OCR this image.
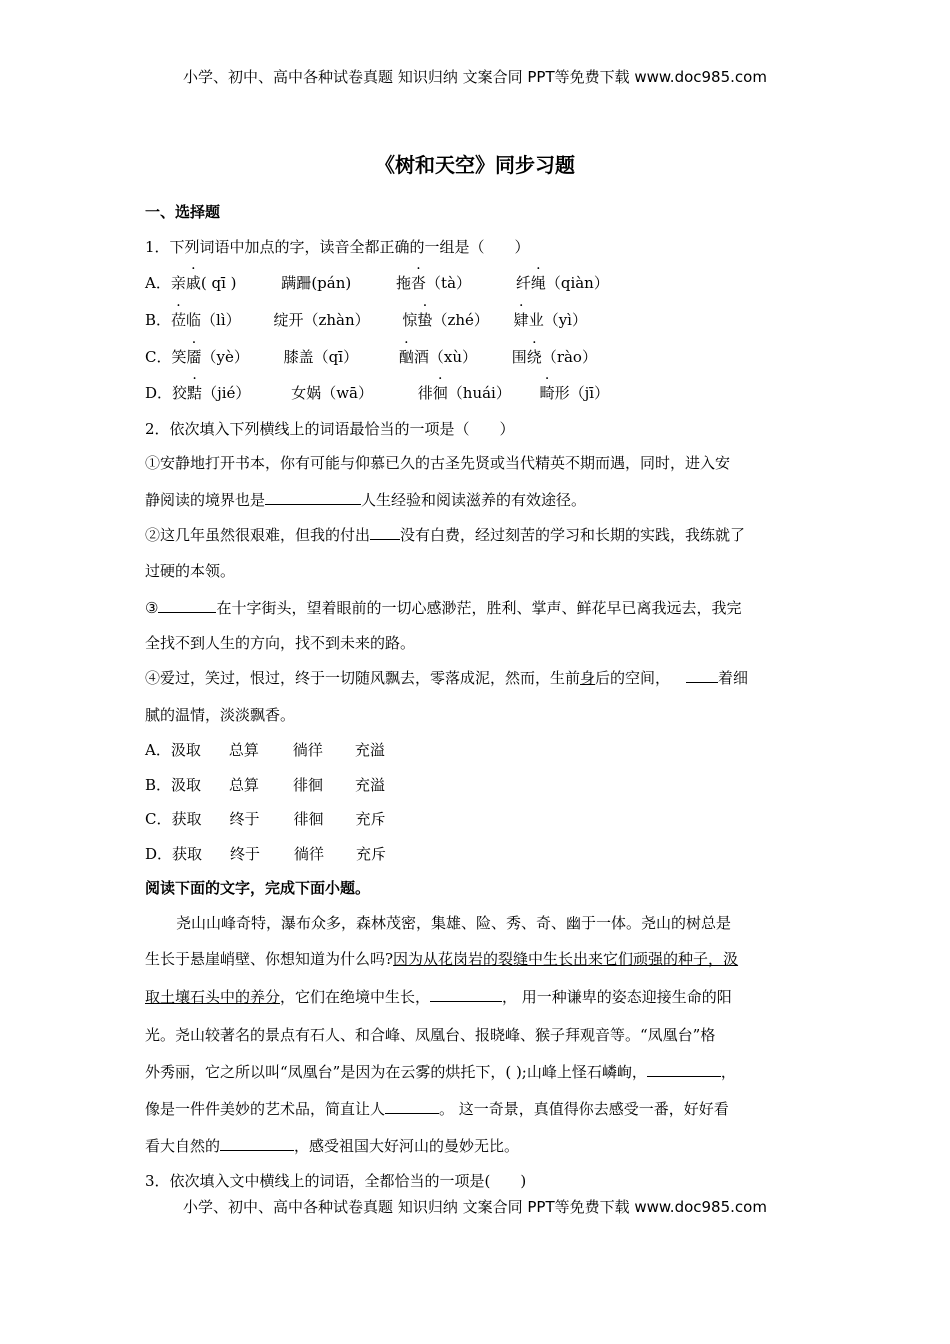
小学、初中、高中各种试卷真题 知识归纳 文案合同 PPT等免费下载 www.doc985.com
《树和天空》同步习题
一、选择题
1．下列词语中加点的字，读音全都正确的一组是（　　）
A．亲戚( qī )	蹒跚(pán)	拖沓（tà）	纤绳（qiàn）
B．莅临（lì） 绽开（zhàn） 惊蛰（zhé） 肄业（yì）
C．笑靥（yè） 膝盖（qī）	酗酒（xù） 围绕（rào）
D．狡黠（jié）	女娲（wā）	徘徊（huái） 畸形（jī）
2．依次填入下列横线上的词语最恰当的一项是（　　）
①安静地打开书本，你有可能与仰慕已久的古圣先贤或当代精英不期而遇，同时，进入安
静阅读的境界也是	人生经验和阅读滋养的有效途径。
②这几年虽然很艰难，但我的付出 没有白费，经过刻苦的学习和长期的实践，我练就了
过硬的本领。
③	在十字街头，望着眼前的一切心感渺茫，胜利、掌声、鲜花早已离我远去，我完
全找不到人生的方向，找不到未来的路。
④爱过，笑过，恨过，终于一切随风飘去，零落成泥，然而，生前身后的空间，	着细
腻的温情，淡淡飘香。
A．汲取 总算 徜徉 充溢
B．汲取 总算 徘徊 充溢
C．获取 终于 徘徊 充斥
D．获取 终于 徜徉 充斥
阅读下面的文字，完成下面小题。
尧山山峰奇特，瀑布众多，森林茂密，集雄、险、秀、奇、幽于一体。尧山的树总是
生长于悬崖峭壁、你想知道为什么吗?因为从花岗岩的裂缝中生长出来它们顽强的种子，汲
取土壤石头中的养分，它们在绝境中生长，	， 用一种谦卑的姿态迎接生命的阳
光。尧山较著名的景点有石人、和合峰、凤凰台、报晓峰、猴子拜观音等。“凤凰台”格
外秀丽，它之所以叫“凤凰台”是因为在云雾的烘托下，( );山峰上怪石嶙峋，	，
像是一件件美妙的艺术品，简直让人	。 这一奇景，真值得你去感受一番，好好看
看大自然的	，感受祖国大好河山的曼妙无比。
3．依次填入文中横线上的词语，全都恰当的一项是(　　)
小学、初中、高中各种试卷真题 知识归纳 文案合同 PPT等免费下载 www.doc985.com
